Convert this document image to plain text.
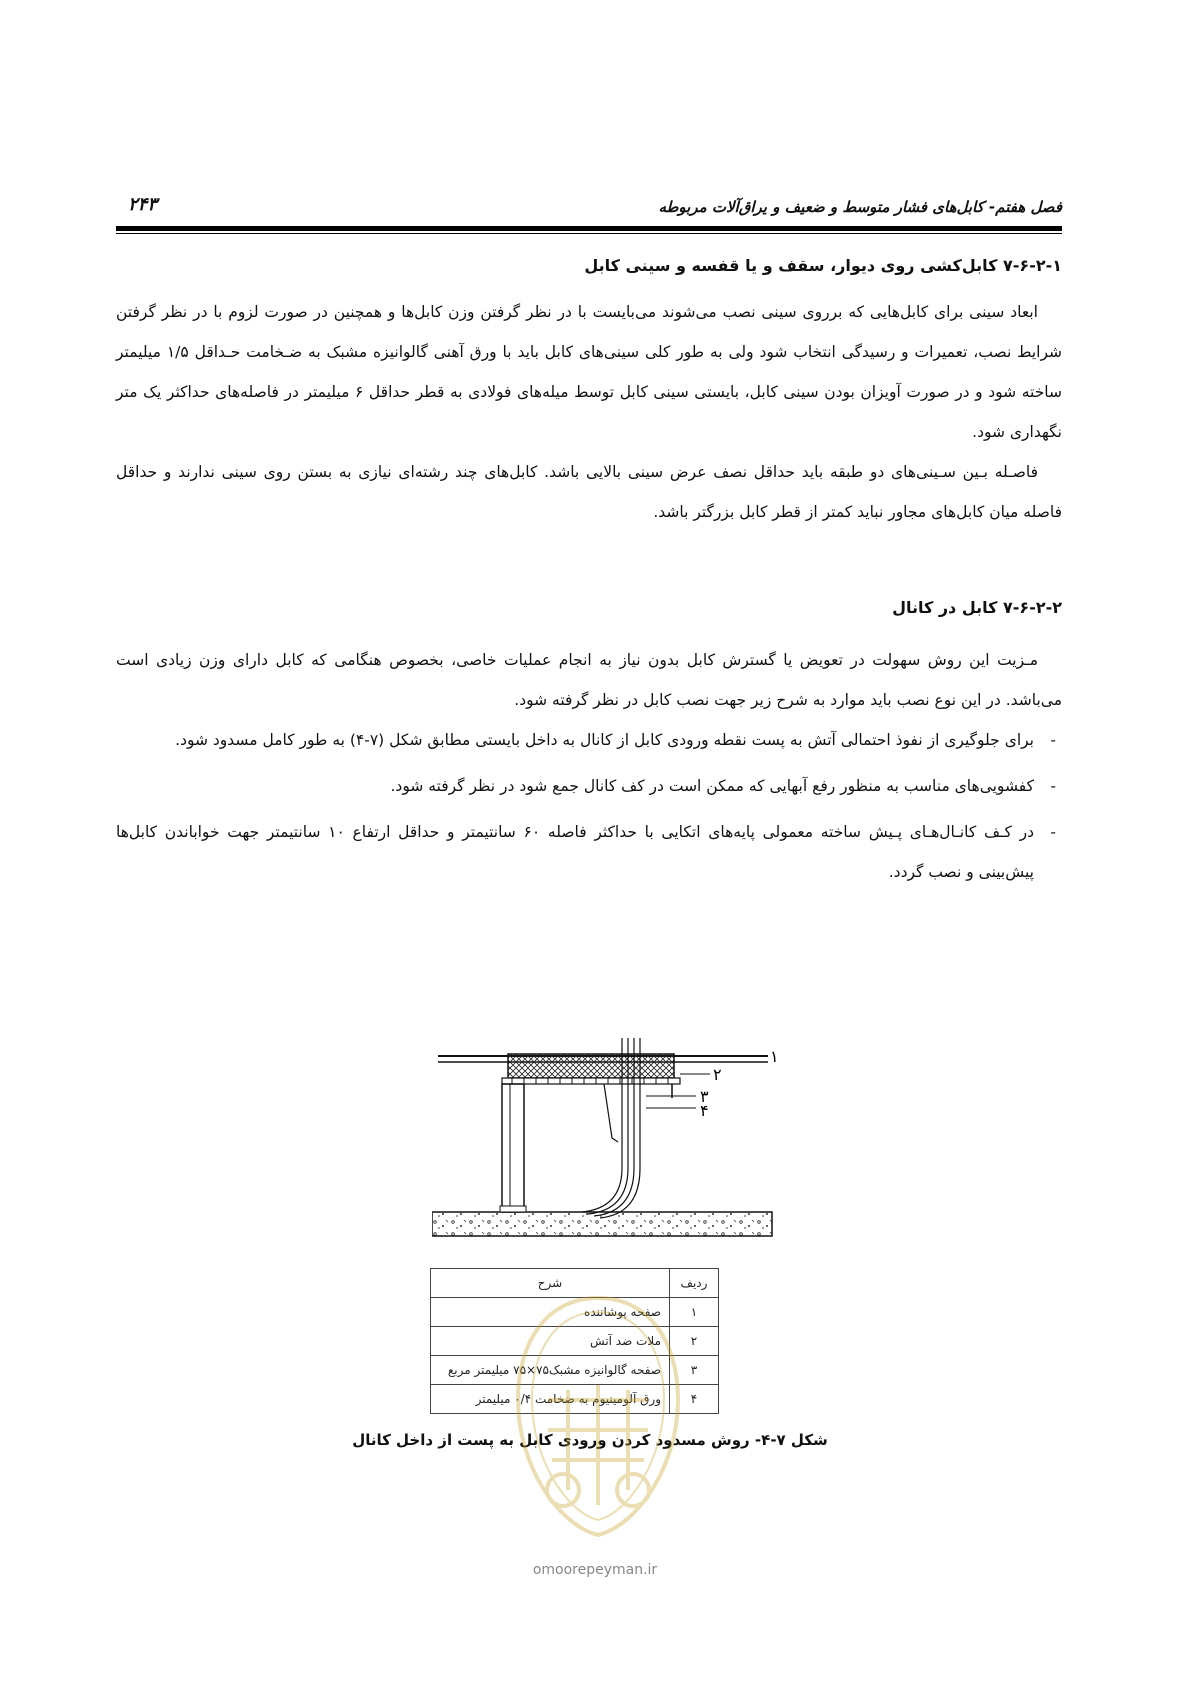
فصل هفتم- کابل‌های فشار متوسط و ضعیف و یراق‌آلات مربوطه
۲۴۳
۷-۶-۲-۱ کابل‌کشی روی دیوار، سقف و یا قفسه و سینی کابل

ابعاد سینی برای کابل‌هایی که برروی سینی نصب می‌شوند می‌بایست با در نظر گرفتن وزن کابل‌ها و همچنین در صورت لزوم با در نظر گرفتن شرایط نصب، تعمیرات و رسیدگی انتخاب شود ولی به طور کلی سینی‌های کابل باید با ورق آهنی گالوانیزه مشبک به ضـخامت حـداقل ۱/۵ میلیمتر ساخته شود و در صورت آویزان بودن سینی کابل، بایستی سینی کابل توسط میله‌های فولادی به قطر حداقل ۶ میلیمتر در فاصله‌های حداکثر یک متر نگهداری شود.

فاصـله بـین سـینی‌های دو طبقه باید حداقل نصف عرض سینی بالایی باشد. کابل‌های چند رشته‌ای نیازی به بستن روی سینی ندارند و حداقل فاصله میان کابل‌های مجاور نباید کمتر از قطر کابل بزرگتر باشد.

۷-۶-۲-۲ کابل در کانال

مـزیت این روش سهولت در تعویض یا گسترش کابل بدون نیاز به انجام عملیات خاصی، بخصوص هنگامی که کابل دارای وزن زیادی است می‌باشد. در این نوع نصب باید موارد به شرح زیر جهت نصب کابل در نظر گرفته شود.

-
برای جلوگیری از نفوذ احتمالی آتش به پست نقطه ورودی کابل از کانال به داخل بایستی مطابق شکل (۷-۴) به طور کامل مسدود شود.
-
کفشویی‌های مناسب به منظور رفع آبهایی که ممکن است در کف کانال جمع شود در نظر گرفته شود.
-
در کـف کانـال‌هـای پـیش ساخته معمولی پایه‌های اتکایی با حداکثر فاصله ۶۰ سانتیمتر و حداقل ارتفاع ۱۰ سانتیمتر جهت خواباندن کابل‌ها پیش‌بینی و نصب گردد.
۱
۲
۳
۴
ردیف	شرح
۱	صفحه پوشاننده
۲	ملات ضد آتش
۳	صفحه گالوانیزه مشبک۷۵×۷۵ میلیمتر مربع
۴	ورق آلومینیوم به ضخامت ۰/۴ میلیمتر
شکل ۷-۴- روش مسدود کردن ورودی کابل به پست از داخل کانال
omoorepeyman.ir
